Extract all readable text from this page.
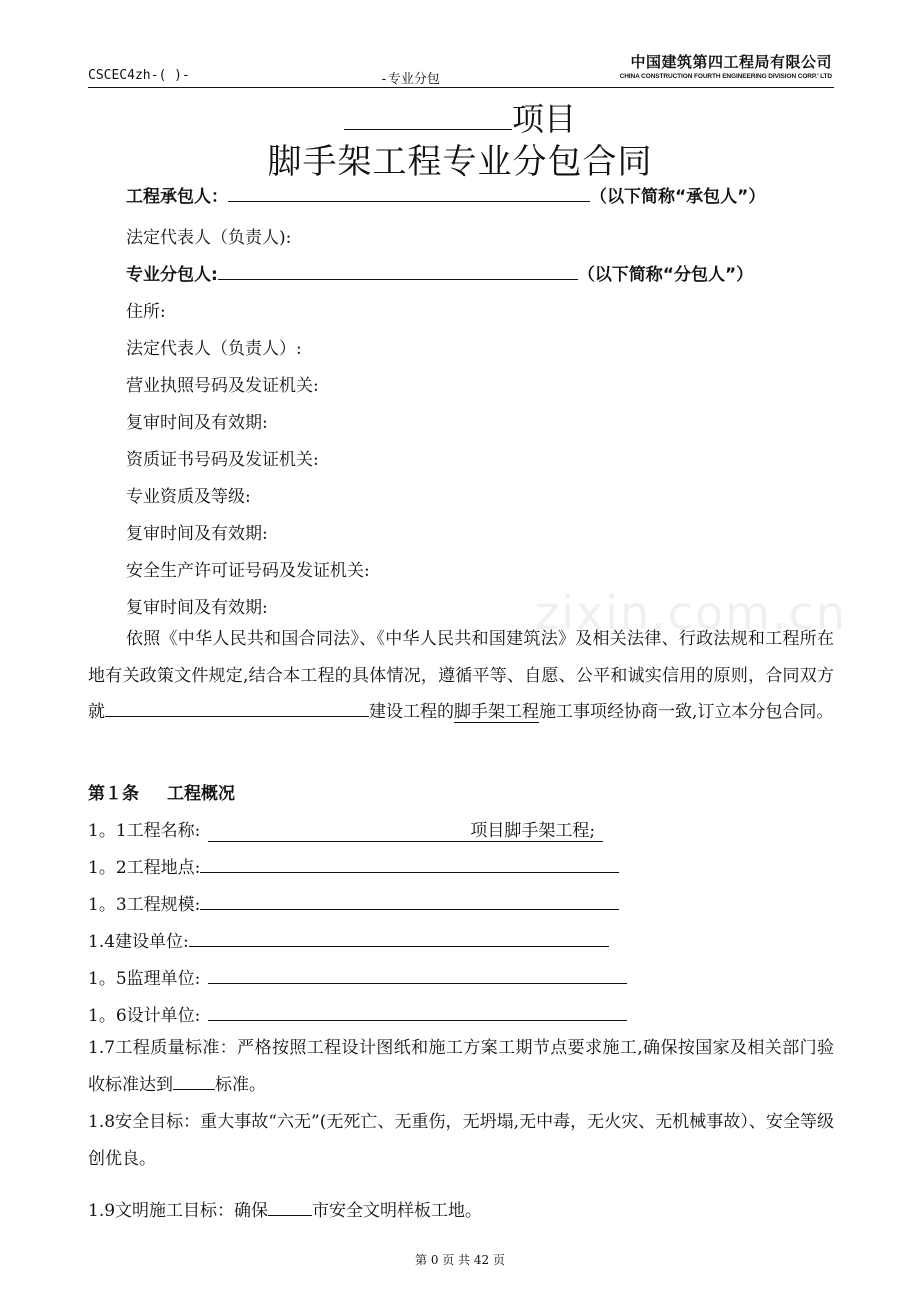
CSCEC4zh-( )-	-专业分包
中国建筑第四工程局有限公司
CHINA CONSTRUCTION FOURTH ENGINEERING DIVISION CORP.' LTD
zixin.com.cn
项目
脚手架工程专业分包合同
工程承包人：	（以下简称“承包人”）
法定代表人（负责人):
专业分包人:	（以下简称“分包人”）
住所:
法定代表人（负责人）:
营业执照号码及发证机关:
复审时间及有效期:
资质证书号码及发证机关:
专业资质及等级:
复审时间及有效期:
安全生产许可证号码及发证机关:
复审时间及有效期:
依照《中华人民共和国合同法》、《中华人民共和国建筑法》及相关法律、行政法规和工程所在地有关政策文件规定,结合本工程的具体情况，遵循平等、自愿、公平和诚实信用的原则，合同双方就	建设工程的脚手架工程施工事项经协商一致,订立本分包合同。
第１条 工程概况
1。1工程名称:	项目脚手架工程;
1。2工程地点:
1。3工程规模:
1.4建设单位:
1。5监理单位:
1。6设计单位:
1.7工程质量标准：严格按照工程设计图纸和施工方案工期节点要求施工,确保按国家及相关部门验收标准达到 标准。
1.8安全目标：重大事故“六无”(无死亡、无重伤，无坍塌,无中毒，无火灾、无机械事故）、安全等级创优良。
1.9文明施工目标：确保	市安全文明样板工地。
第 0 页 共 42 页
